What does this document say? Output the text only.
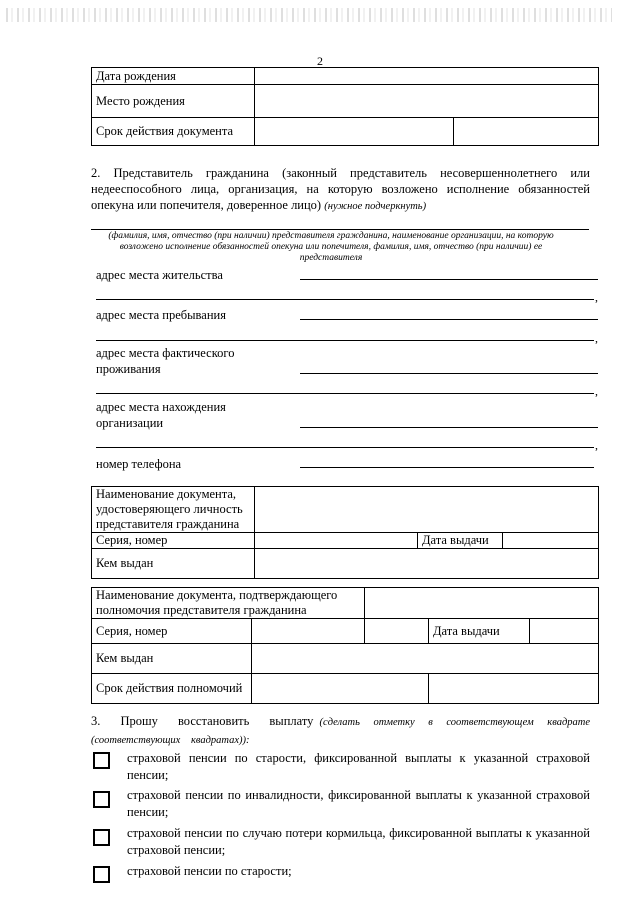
2
Дата рождения		
Место рождения		
Срок действия документа		
2. Представитель гражданина (законный представитель несовершеннолетнего или недееспособного лица, организация, на которую возложено исполнение обязанностей опекуна или попечителя, доверенное лицо) (нужное подчеркнуть)
(фамилия, имя, отчество (при наличии) представителя гражданина, наименование организации, на которую возложено исполнение обязанностей опекуна или попечителя, фамилия, имя, отчество (при наличии) ее представителя
адрес места жительства
,
адрес места пребывания
,
адрес места фактического
проживания
,
адрес места нахождения
организации
,
номер телефона
Наименование документа, удостоверяющего личность представителя гражданина			
Серия, номер		Дата выдачи	
Кем выдан			
Наименование документа, подтверждающего полномочия представителя гражданина			
Серия, номер			Дата выдачи

Кем выдан			
Срок действия полномочий			
3. Прошу восстановить выплату (сделать отметку в соответствующем квадрате (соответствующих квадратах)):
страховой пенсии по старости, фиксированной выплаты к указанной страховой пенсии;
страховой пенсии по инвалидности, фиксированной выплаты к указанной страховой пенсии;
страховой пенсии по случаю потери кормильца, фиксированной выплаты к указанной страховой пенсии;
страховой пенсии по старости;
